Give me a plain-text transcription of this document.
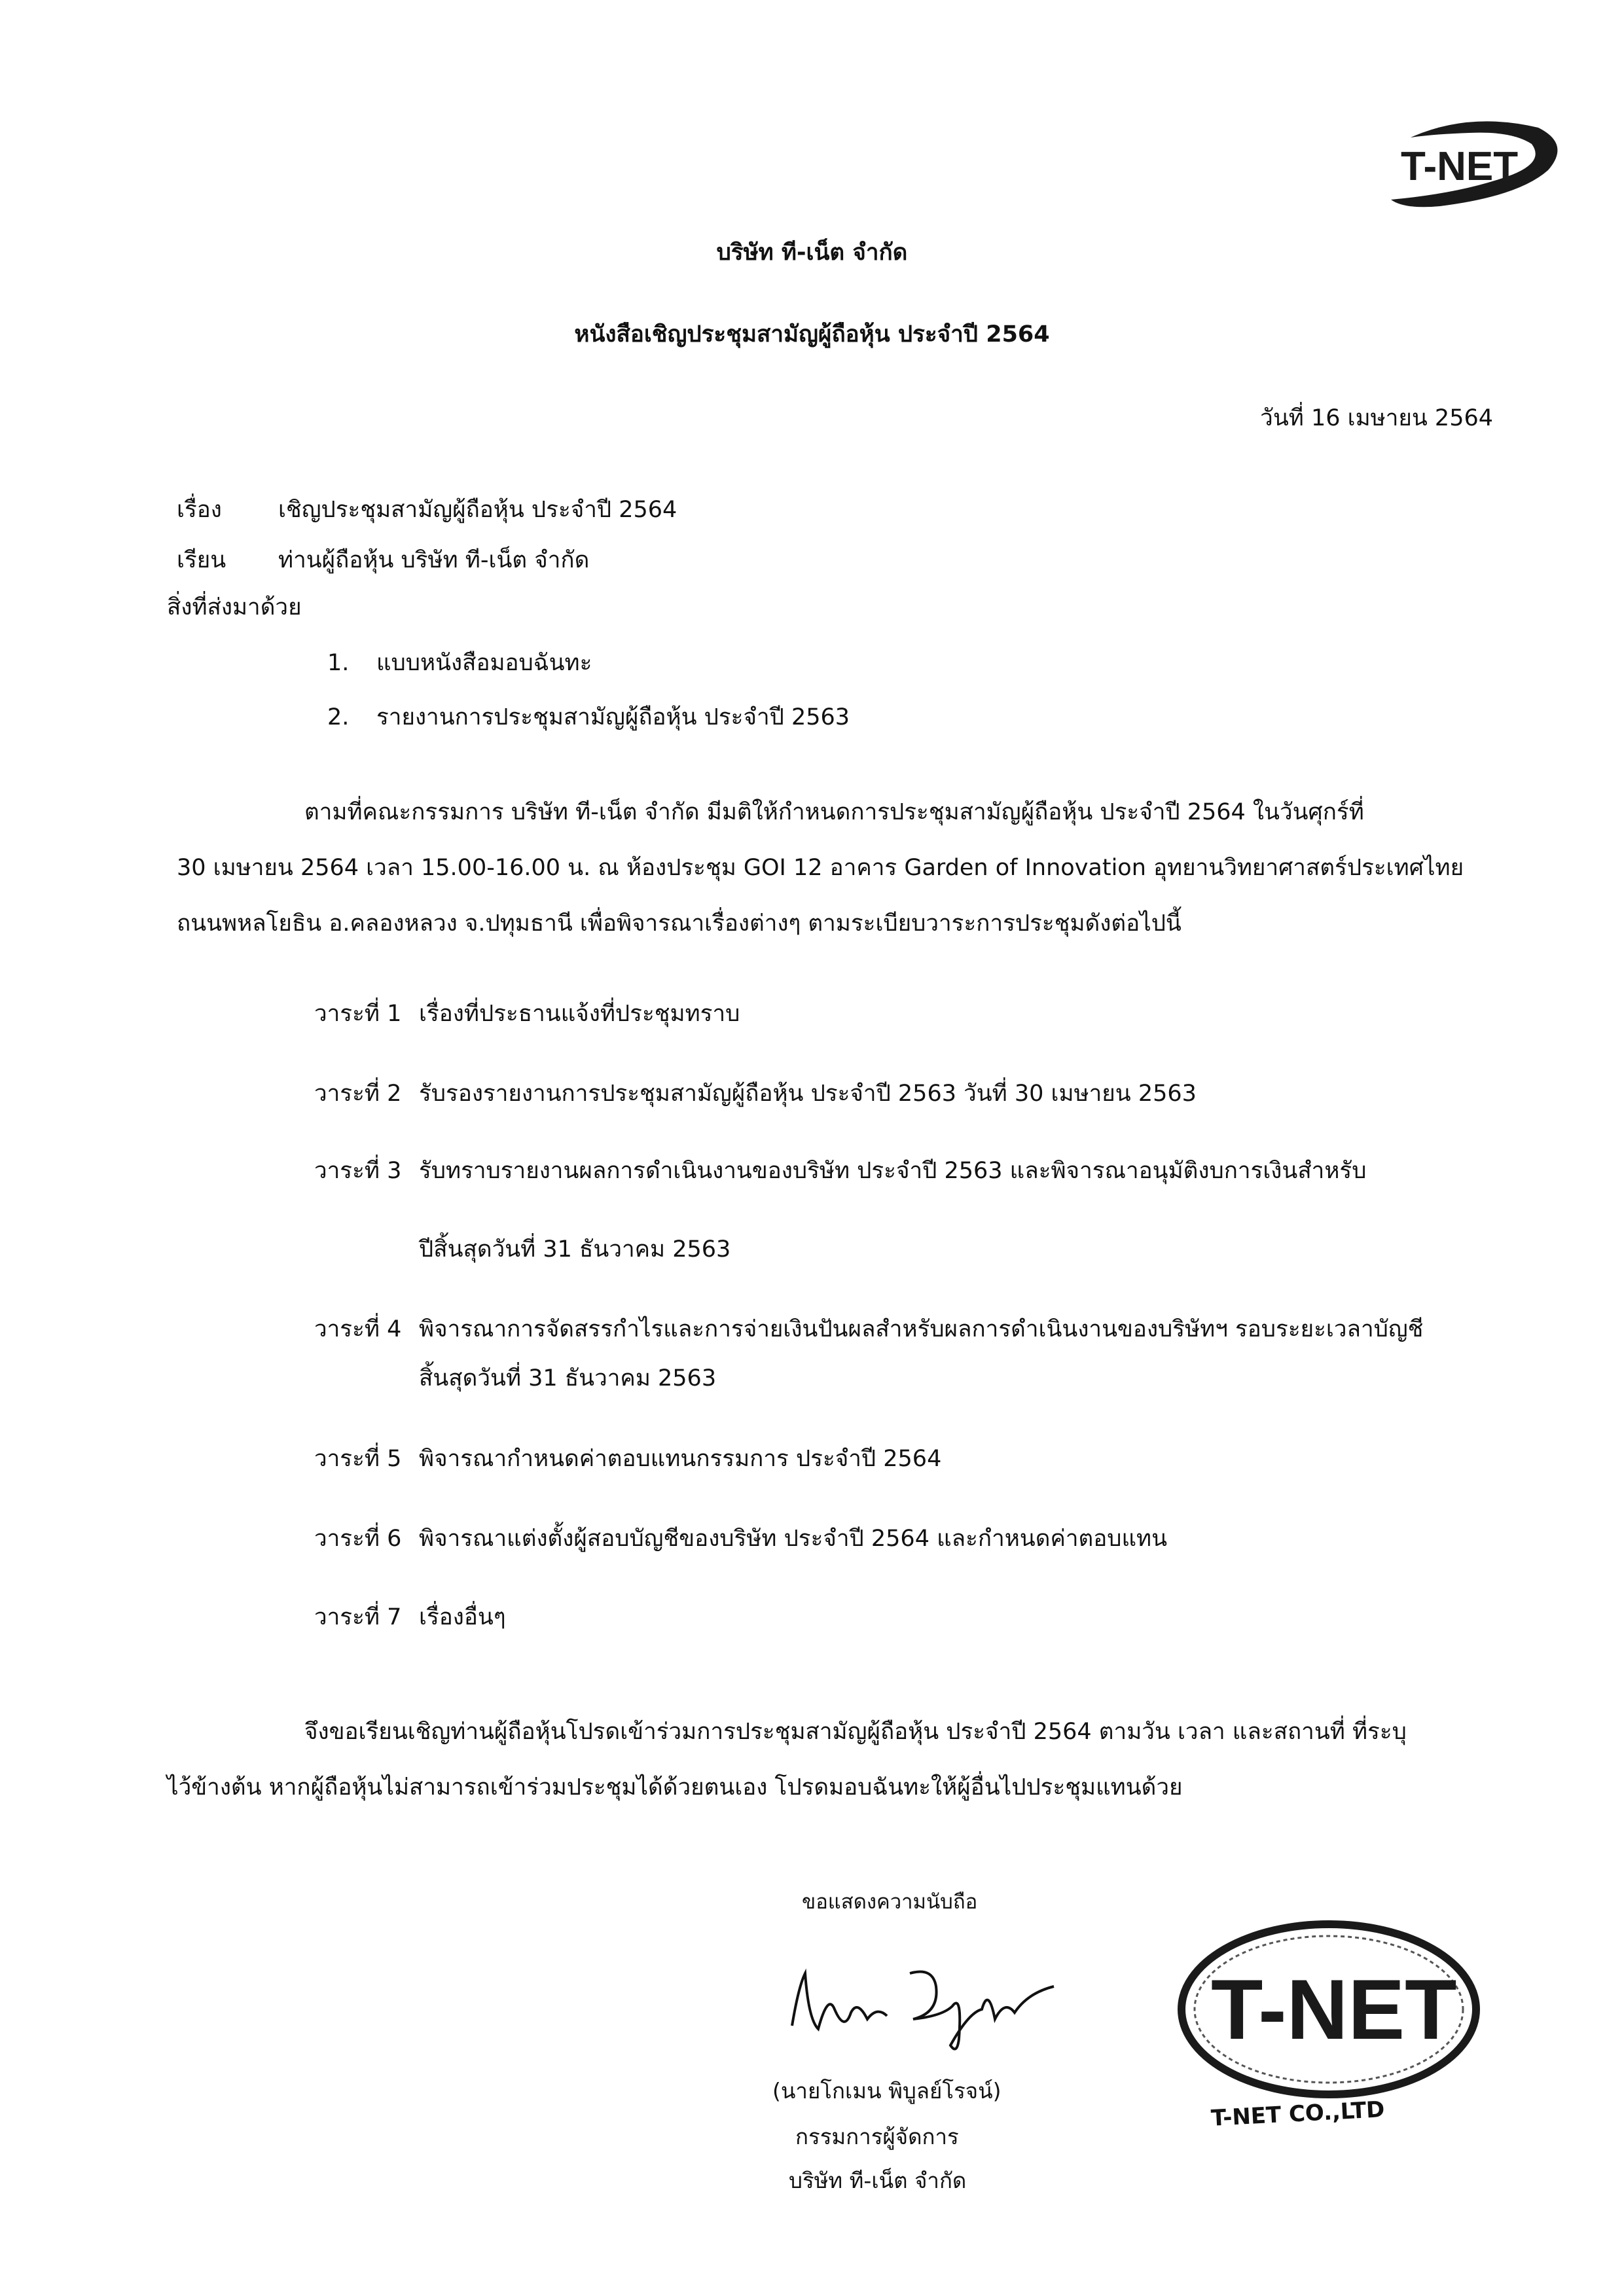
T-NET
บริษัท ที-เน็ต จำกัด
หนังสือเชิญประชุมสามัญผู้ถือหุ้น ประจำปี 2564
วันที่ 16 เมษายน 2564
เรื่อง เชิญประชุมสามัญผู้ถือหุ้น ประจำปี 2564
เรียน ท่านผู้ถือหุ้น บริษัท ที-เน็ต จำกัด
สิ่งที่ส่งมาด้วย
1. แบบหนังสือมอบฉันทะ
2. รายงานการประชุมสามัญผู้ถือหุ้น ประจำปี 2563
ตามที่คณะกรรมการ บริษัท ที-เน็ต จำกัด มีมติให้กำหนดการประชุมสามัญผู้ถือหุ้น ประจำปี 2564 ในวันศุกร์ที่
30 เมษายน 2564 เวลา 15.00-16.00 น. ณ ห้องประชุม GOI 12 อาคาร Garden of Innovation อุทยานวิทยาศาสตร์ประเทศไทย
ถนนพหลโยธิน อ.คลองหลวง จ.ปทุมธานี เพื่อพิจารณาเรื่องต่างๆ ตามระเบียบวาระการประชุมดังต่อไปนี้
วาระที่ 1 เรื่องที่ประธานแจ้งที่ประชุมทราบ
วาระที่ 2 รับรองรายงานการประชุมสามัญผู้ถือหุ้น ประจำปี 2563 วันที่ 30 เมษายน 2563
วาระที่ 3 รับทราบรายงานผลการดำเนินงานของบริษัท ประจำปี 2563 และพิจารณาอนุมัติงบการเงินสำหรับ
ปีสิ้นสุดวันที่ 31 ธันวาคม 2563
วาระที่ 4 พิจารณาการจัดสรรกำไรและการจ่ายเงินปันผลสำหรับผลการดำเนินงานของบริษัทฯ รอบระยะเวลาบัญชี
สิ้นสุดวันที่ 31 ธันวาคม 2563
วาระที่ 5 พิจารณากำหนดค่าตอบแทนกรรมการ ประจำปี 2564
วาระที่ 6 พิจารณาแต่งตั้งผู้สอบบัญชีของบริษัท ประจำปี 2564 และกำหนดค่าตอบแทน
วาระที่ 7 เรื่องอื่นๆ
จึงขอเรียนเชิญท่านผู้ถือหุ้นโปรดเข้าร่วมการประชุมสามัญผู้ถือหุ้น ประจำปี 2564 ตามวัน เวลา และสถานที่ ที่ระบุ
ไว้ข้างต้น หากผู้ถือหุ้นไม่สามารถเข้าร่วมประชุมได้ด้วยตนเอง โปรดมอบฉันทะให้ผู้อื่นไปประชุมแทนด้วย
ขอแสดงความนับถือ
(นายโกเมน พิบูลย์โรจน์)
กรรมการผู้จัดการ
บริษัท ที-เน็ต จำกัด
T-NET
T-NET CO.,LTD
